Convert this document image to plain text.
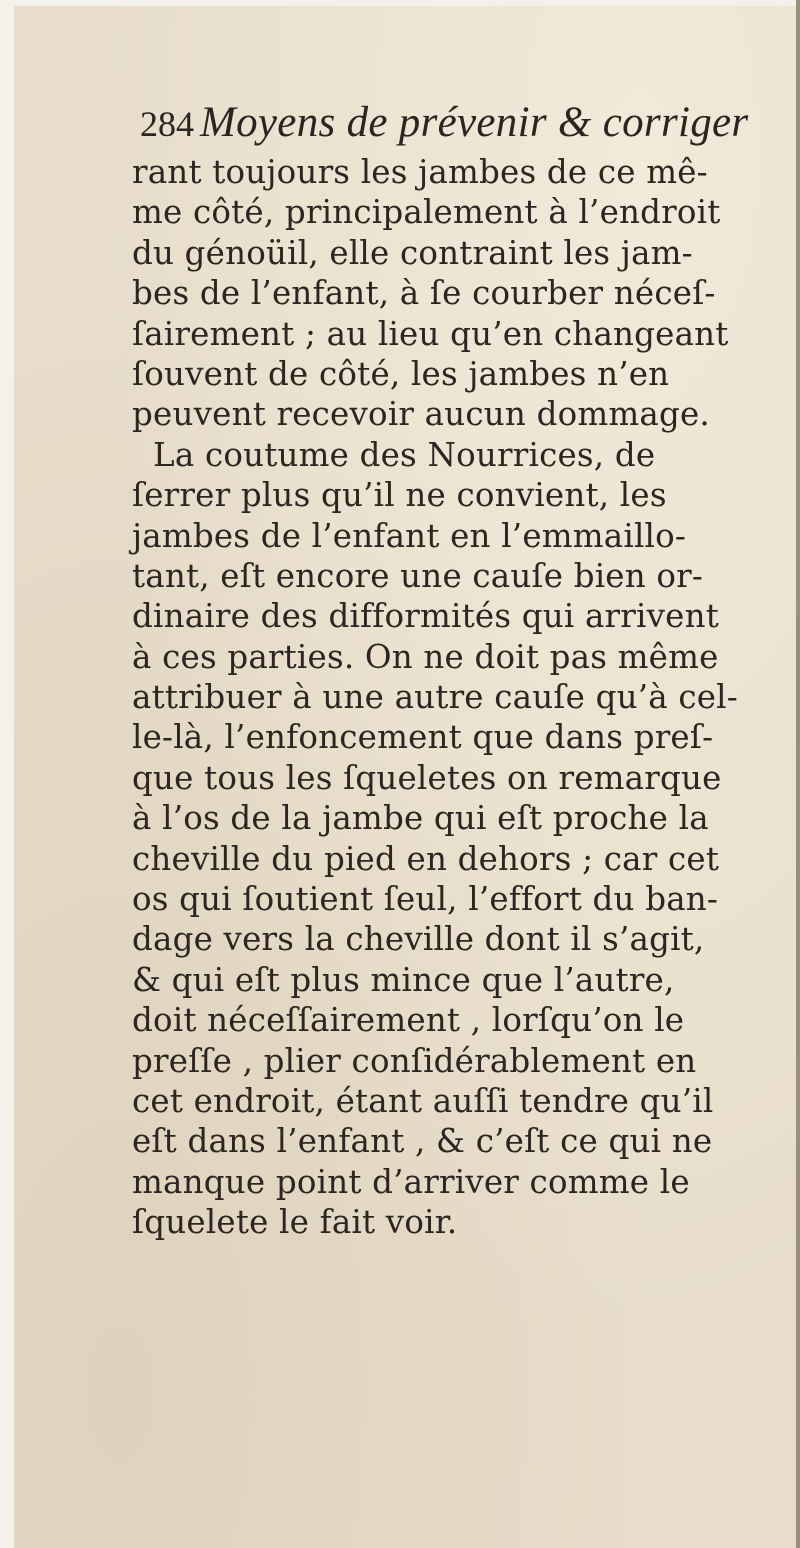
284 Moyens de prévenir & corriger
rant toujours les jambes de ce mê-
me côté, principalement à l’endroit
du génoüil, elle contraint les jam-
bes de l’enfant, à ſe courber néceſ-
ſairement ; au lieu qu’en changeant
ſouvent de côté, les jambes n’en
peuvent recevoir aucun dommage.
La coutume des Nourrices, de
ſerrer plus qu’il ne convient, les
jambes de l’enfant en l’emmaillo-
tant, eſt encore une cauſe bien or-
dinaire des difformités qui arrivent
à ces parties. On ne doit pas même
attribuer à une autre cauſe qu’à cel-
le-là, l’enfoncement que dans preſ-
que tous les ſqueletes on remarque
à l’os de la jambe qui eſt proche la
cheville du pied en dehors ; car cet
os qui ſoutient ſeul, l’effort du ban-
dage vers la cheville dont il s’agit,
& qui eſt plus mince que l’autre,
doit néceſſairement , lorſqu’on le
preſſe , plier conſidérablement en
cet endroit, étant auſſi tendre qu’il
eſt dans l’enfant , & c’eſt ce qui ne
manque point d’arriver comme le
ſquelete le fait voir.
